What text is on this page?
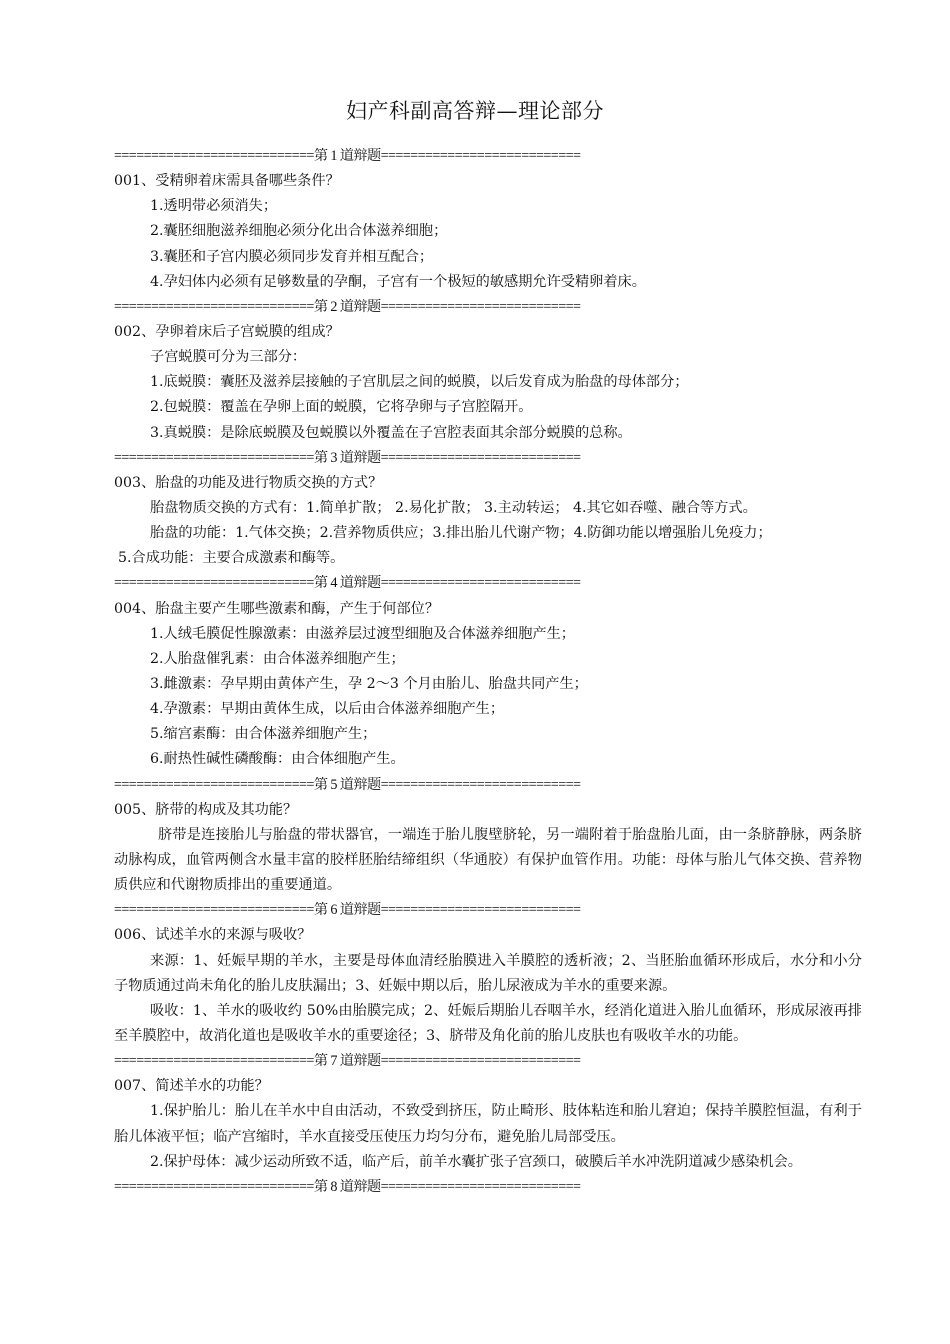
妇产科副高答辩—理论部分
===========================第 1 道辩题===========================
001、受精卵着床需具备哪些条件？
1.透明带必须消失；
2.囊胚细胞滋养细胞必须分化出合体滋养细胞；
3.囊胚和子宫内膜必须同步发育并相互配合；
4.孕妇体内必须有足够数量的孕酮，子宫有一个极短的敏感期允许受精卵着床。
===========================第 2 道辩题===========================
002、孕卵着床后子宫蜕膜的组成？
子宫蜕膜可分为三部分：
1.底蜕膜：囊胚及滋养层接触的子宫肌层之间的蜕膜，以后发育成为胎盘的母体部分；
2.包蜕膜：覆盖在孕卵上面的蜕膜，它将孕卵与子宫腔隔开。
3.真蜕膜：是除底蜕膜及包蜕膜以外覆盖在子宫腔表面其余部分蜕膜的总称。
===========================第 3 道辩题===========================
003、胎盘的功能及进行物质交换的方式？
胎盘物质交换的方式有：1.简单扩散； 2.易化扩散； 3.主动转运； 4.其它如吞噬、融合等方式。
胎盘的功能：1.气体交换；2.营养物质供应；3.排出胎儿代谢产物；4.防御功能以增强胎儿免疫力；
5.合成功能：主要合成激素和酶等。
===========================第 4 道辩题===========================
004、胎盘主要产生哪些激素和酶，产生于何部位？
1.人绒毛膜促性腺激素：由滋养层过渡型细胞及合体滋养细胞产生；
2.人胎盘催乳素：由合体滋养细胞产生；
3.雌激素：孕早期由黄体产生，孕 2～3 个月由胎儿、胎盘共同产生；
4.孕激素：早期由黄体生成，以后由合体滋养细胞产生；
5.缩宫素酶：由合体滋养细胞产生；
6.耐热性碱性磷酸酶：由合体细胞产生。
===========================第 5 道辩题===========================
005、脐带的构成及其功能？
脐带是连接胎儿与胎盘的带状器官，一端连于胎儿腹壁脐轮，另一端附着于胎盘胎儿面，由一条脐静脉，两条脐动脉构成，血管两侧含水量丰富的胶样胚胎结缔组织（华通胶）有保护血管作用。功能：母体与胎儿气体交换、营养物质供应和代谢物质排出的重要通道。
===========================第 6 道辩题===========================
006、试述羊水的来源与吸收？
来源：1、妊娠早期的羊水，主要是母体血清经胎膜进入羊膜腔的透析液；2、当胚胎血循环形成后，水分和小分子物质通过尚未角化的胎儿皮肤漏出；3、妊娠中期以后，胎儿尿液成为羊水的重要来源。
吸收：1、羊水的吸收约 50%由胎膜完成；2、妊娠后期胎儿吞咽羊水，经消化道进入胎儿血循环，形成尿液再排至羊膜腔中，故消化道也是吸收羊水的重要途径；3、脐带及角化前的胎儿皮肤也有吸收羊水的功能。
===========================第 7 道辩题===========================
007、简述羊水的功能？
1.保护胎儿：胎儿在羊水中自由活动，不致受到挤压，防止畸形、肢体粘连和胎儿窘迫；保持羊膜腔恒温，有利于胎儿体液平恒；临产宫缩时，羊水直接受压使压力均匀分布，避免胎儿局部受压。
2.保护母体：减少运动所致不适，临产后，前羊水囊扩张子宫颈口，破膜后羊水冲洗阴道减少感染机会。
===========================第 8 道辩题===========================
